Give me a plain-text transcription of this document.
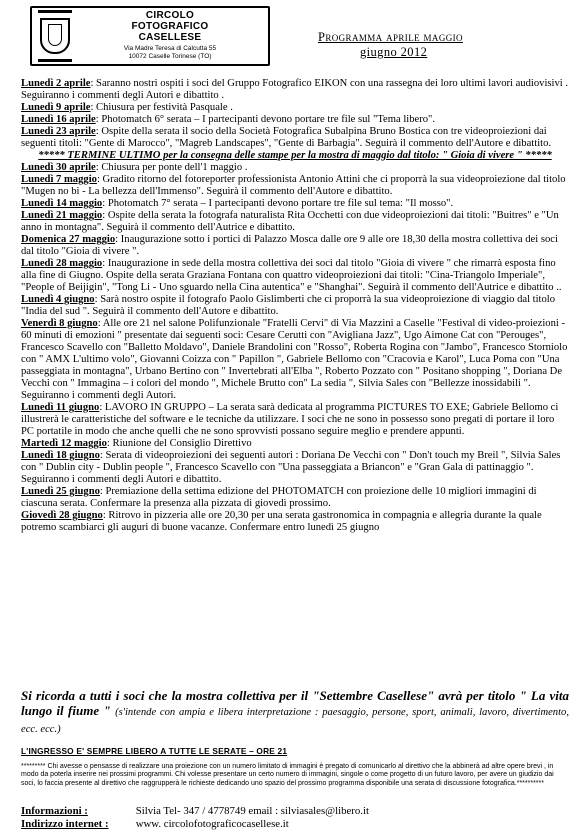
CIRCOLO
FOTOGRAFICO
CASELLESE
Via Madre Teresa di Calcutta 55
10072 Caselle Torinese (TO)
Programma aprile maggio
giugno 2012
Lunedì 2 aprile: Saranno nostri ospiti i soci del Gruppo Fotografico EIKON con una rassegna dei loro ultimi lavori audiovisivi . Seguiranno i commenti degli Autori e dibattito .
Lunedì 9 aprile: Chiusura per festività Pasquale .
Lunedì 16 aprile: Photomatch 6° serata – I partecipanti devono portare tre file sul "Tema libero".
Lunedì 23 aprile: Ospite della serata il socio della Società Fotografica Subalpina Bruno Bostica con tre videoproiezioni dai seguenti titoli: "Gente di Marocco", "Magreb Landscapes", "Gente di Barbagia". Seguirà il commento dell'Autore e dibattito.
***** TERMINE ULTIMO per la consegna delle stampe per la mostra di maggio dal titolo: " Gioia di vivere " *****
Lunedì 30 aprile: Chiusura per ponte dell'1 maggio .
Lunedì 7 maggio: Gradito ritorno del fotoreporter professionista Antonio Attini che ci proporrà la sua videoproiezione dal titolo "Mugen no bi - La bellezza dell'Immenso". Seguirà il commento dell'Autore e dibattito.
Lunedì 14 maggio: Photomatch 7° serata – I partecipanti devono portare tre file sul tema: "Il mosso".
Lunedì 21 maggio: Ospite della serata la fotografa naturalista Rita Occhetti con due videoproiezioni dai titoli: "Buitres" e "Un anno in montagna". Seguirà il commento dell'Autrice e dibattito.
Domenica 27 maggio: Inaugurazione sotto i portici di Palazzo Mosca dalle ore 9 alle ore 18,30 della mostra collettiva dei soci dal titolo "Gioia di vivere ".
Lunedì 28 maggio: Inaugurazione in sede della mostra collettiva dei soci dal titolo "Gioia di vivere " che rimarrà esposta fino alla fine di Giugno. Ospite della serata Graziana Fontana con quattro videoproiezioni dai titoli: "Cina-Triangolo Imperiale", "People of Beijigin", "Tong Li - Uno sguardo nella Cina autentica" e "Shanghai". Seguirà il commento dell'Autrice e dibattito ..
Lunedì 4 giugno: Sarà nostro ospite il fotografo Paolo Gislimberti che ci proporrà la sua videoproiezione di viaggio dal titolo "India del sud ". Seguirà il commento dell'Autore e dibattito.
Venerdì 8 giugno: Alle ore 21 nel salone Polifunzionale "Fratelli Cervi" di Via Mazzini a Caselle "Festival di video-proiezioni - 60 minuti di emozioni " presentate dai seguenti soci: Cesare Cerutti con "Avigliana Jazz", Ugo Aimone Cat con "Perouges", Francesco Scavello con "Balletto Moldavo", Daniele Brandolini con "Rosso", Roberta Rogina con "Jambo", Francesco Storniolo con " AMX L'ultimo volo", Giovanni Coizza con " Papillon ", Gabriele Bellomo con "Cracovia e Karol", Luca Poma con "Una passeggiata in montagna", Urbano Bertino con " Invertebrati all'Elba ", Roberto Pozzato con " Positano shopping ", Doriana De Vecchi con " Immagina – i colori del mondo ", Michele Brutto con" La sedia ", Silvia Sales con "Bellezze inossidabili ". Seguiranno i commenti degli Autori.
Lunedì 11 giugno: LAVORO IN GRUPPO – La serata sarà dedicata al programma PICTURES TO EXE; Gabriele Bellomo ci illustrerà le caratteristiche del software e le tecniche da utilizzare. I soci che ne sono in possesso sono pregati di portare il loro PC portatile in modo che anche quelli che ne sono sprovvisti possano seguire meglio e prendere appunti.
Martedì 12 maggio: Riunione del Consiglio Direttivo
Lunedì 18 giugno: Serata di videoproiezioni dei seguenti autori : Doriana De Vecchi con " Don't touch my Breil ", Silvia Sales con " Dublin city - Dublin people ", Francesco Scavello con "Una passeggiata a Briancon" e "Gran Gala di pattinaggio ". Seguiranno i commenti degli Autori e dibattito.
Lunedì 25 giugno: Premiazione della settima edizione del PHOTOMATCH con proiezione delle 10 migliori immagini di ciascuna serata. Confermare la presenza alla pizzata di giovedì prossimo.
Giovedì 28 giugno: Ritrovo in pizzeria alle ore 20,30 per una serata gastronomica in compagnia e allegria durante la quale potremo scambiarci gli auguri di buone vacanze. Confermare entro lunedì 25 giugno
Si ricorda a tutti i soci che la mostra collettiva per il "Settembre Casellese" avrà per titolo " La vita lungo il fiume " (s'intende con ampia e libera interpretazione : paesaggio, persone, sport, animali, lavoro, divertimento, ecc. ecc.)
L'INGRESSO E' SEMPRE LIBERO A TUTTE LE SERATE – ORE 21
********* Chi avesse o pensasse di realizzare una proiezione con un numero limitato di immagini è pregato di comunicarlo al direttivo che la abbinerà ad altre opere brevi , in modo da poterla inserire nei prossimi programmi. Chi volesse presentare un certo numero di immagini, singole o come progetto di un futuro lavoro, per avere un giudizio dai soci, lo faccia presente al direttivo che raggrupperà le richieste dedicando uno spazio del prossimo programma disponibile una serata di discussione fotografica.**********
Informazioni :	Silvia Tel- 347 / 4778749 email : silviasales@libero.it
Indirizzo internet :	www. circolofotograficocasellese.it
